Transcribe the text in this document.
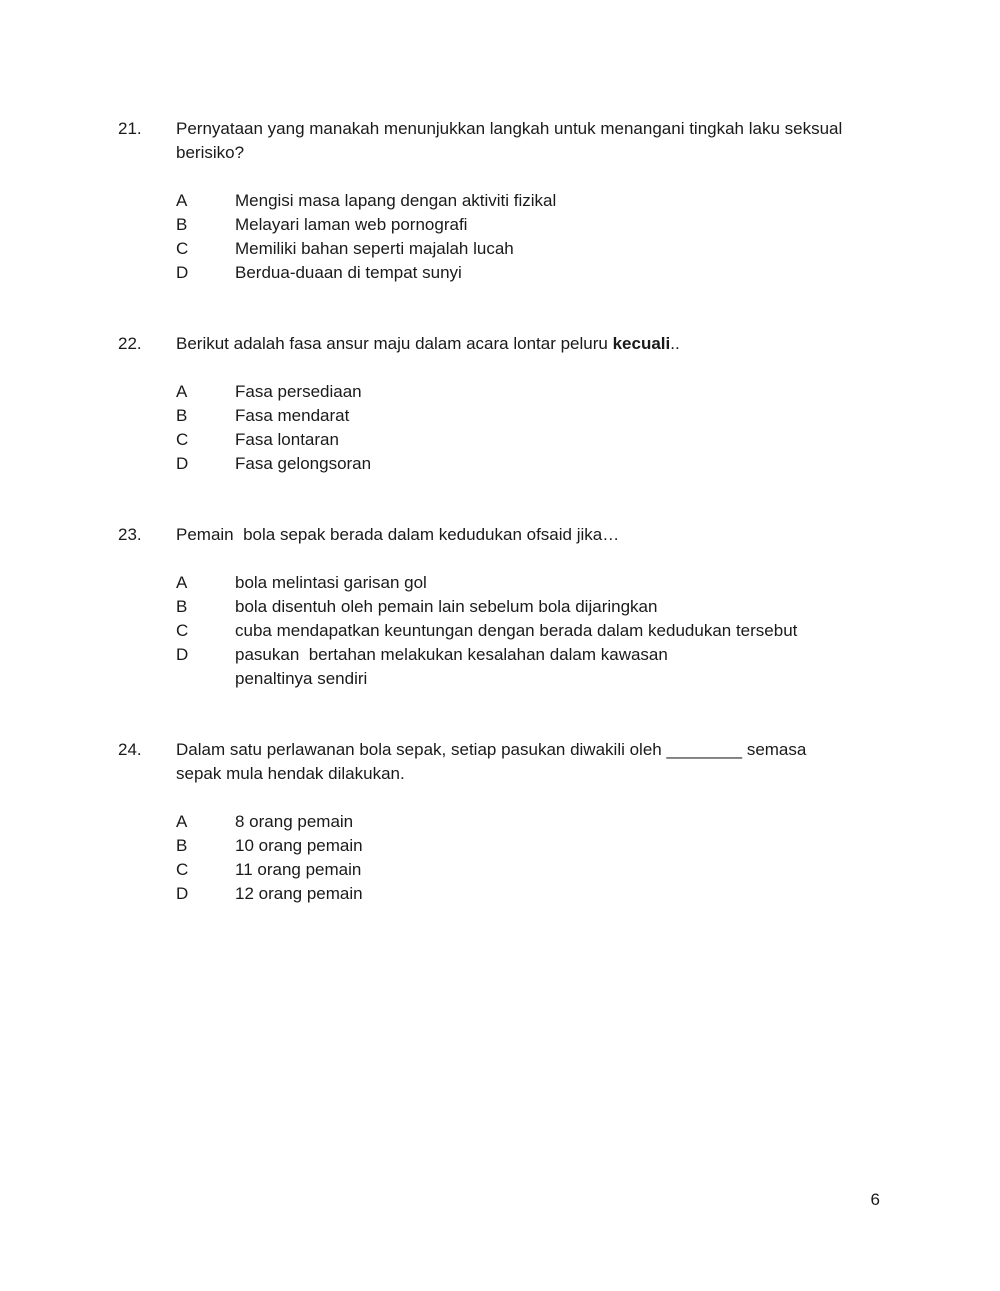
21.	Pernyataan yang manakah menunjukkan langkah untuk menangani tingkah laku seksual berisiko?
A	Mengisi masa lapang dengan aktiviti fizikal
B	Melayari laman web pornografi
C	Memiliki bahan seperti majalah lucah
D	Berdua-duaan di tempat sunyi
22.	Berikut adalah fasa ansur maju dalam acara lontar peluru kecuali..
A	Fasa persediaan
B	Fasa mendarat
C	Fasa lontaran
D	Fasa gelongsoran
23.	Pemain  bola sepak berada dalam kedudukan ofsaid jika…
A	bola melintasi garisan gol
B	bola disentuh oleh pemain lain sebelum bola dijaringkan
C	cuba mendapatkan keuntungan dengan berada dalam kedudukan tersebut
D	pasukan  bertahan melakukan kesalahan dalam kawasan
penaltinya sendiri
24.	Dalam satu perlawanan bola sepak, setiap pasukan diwakili oleh ________ semasa sepak mula hendak dilakukan.
A	8 orang pemain
B	10 orang pemain
C	11 orang pemain
D	12 orang pemain
6
